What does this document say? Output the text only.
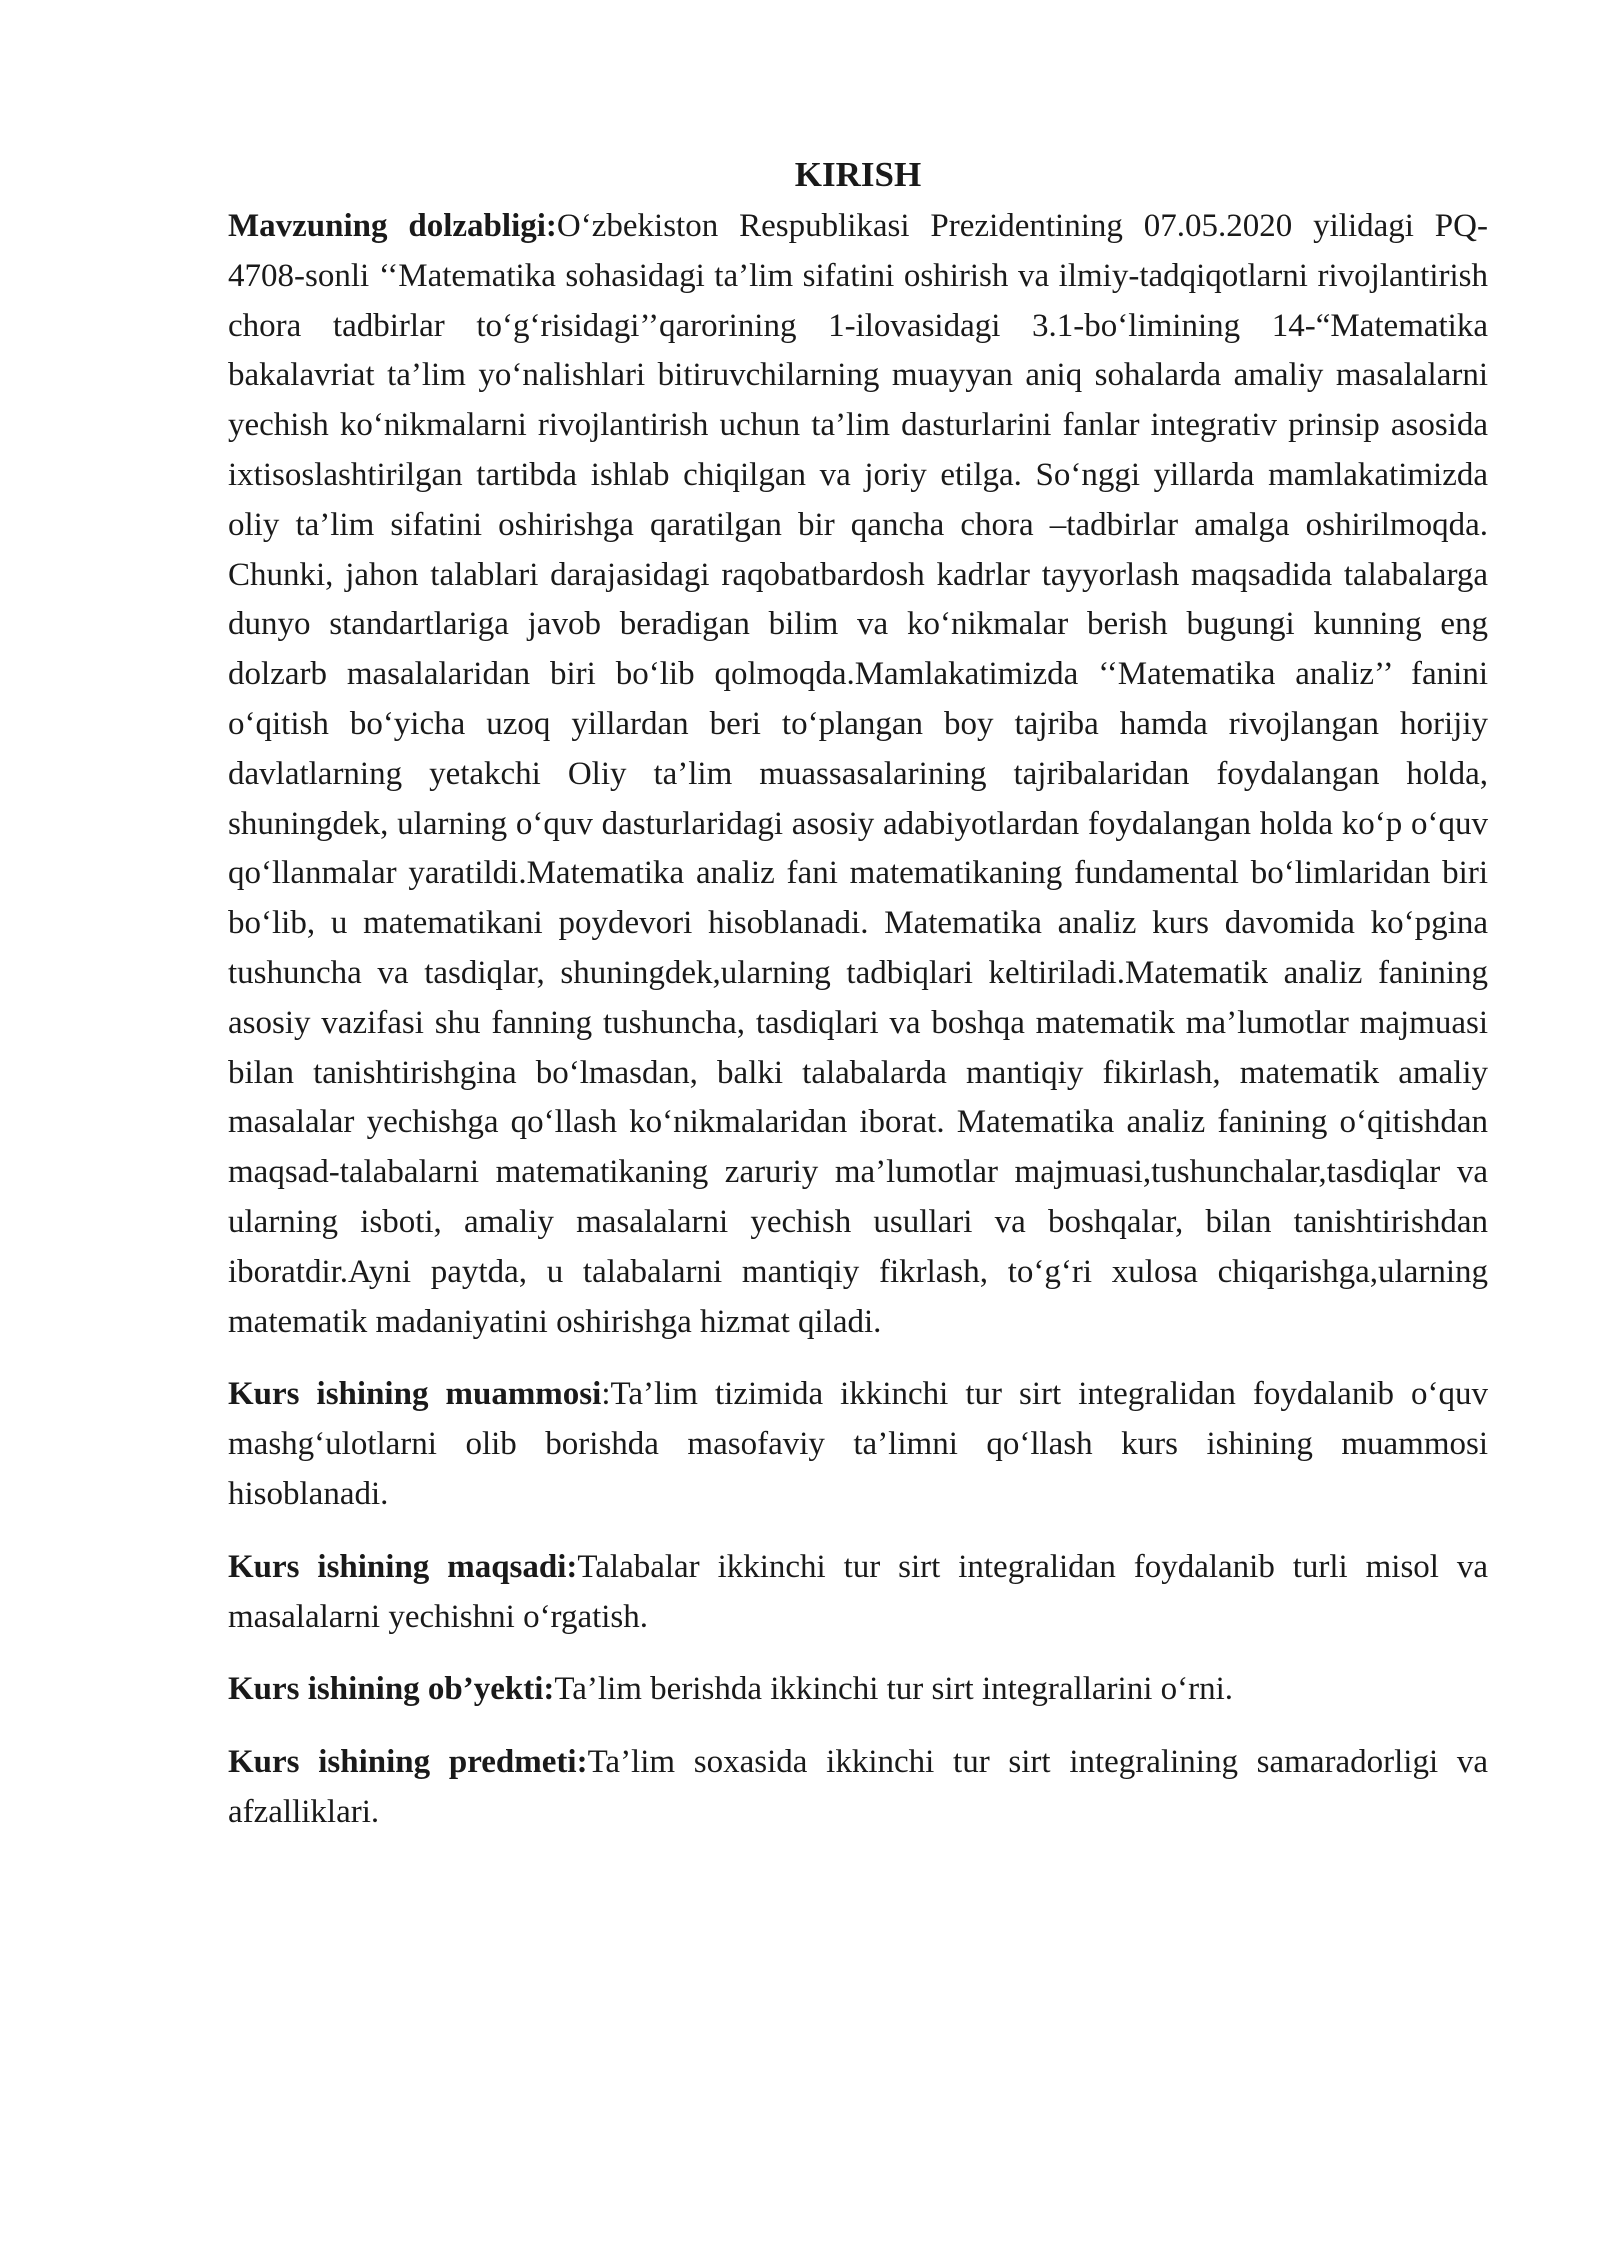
KIRISH

Mavzuning dolzabligi:O‘zbekiston Respublikasi Prezidentining 07.05.2020 yilidagi PQ-4708-sonli ‘‘Matematika sohasidagi ta’lim sifatini oshirish va ilmiy-tadqiqotlarni rivojlantirish chora tadbirlar to‘g‘risidagi’’qarorining 1-ilovasidagi 3.1-bo‘limining 14-“Matematika bakalavriat ta’lim yo‘nalishlari bitiruvchilarning muayyan aniq sohalarda amaliy masalalarni yechish ko‘nikmalarni rivojlantirish uchun ta’lim dasturlarini fanlar integrativ prinsip asosida ixtisoslashtirilgan tartibda ishlab chiqilgan va joriy etilga. So‘nggi yillarda mamlakatimizda oliy ta’lim sifatini oshirishga qaratilgan bir qancha chora –tadbirlar amalga oshirilmoqda. Chunki, jahon talablari darajasidagi raqobatbardosh kadrlar tayyorlash maqsadida talabalarga dunyo standartlariga javob beradigan bilim va ko‘nikmalar berish bugungi kunning eng dolzarb masalalaridan biri bo‘lib qolmoqda.Mamlakatimizda ‘‘Matematika analiz’’ fanini o‘qitish bo‘yicha uzoq yillardan beri to‘plangan boy tajriba hamda rivojlangan horijiy davlatlarning yetakchi Oliy ta’lim muassasalarining tajribalaridan foydalangan holda, shuningdek, ularning o‘quv dasturlaridagi asosiy adabiyotlardan foydalangan holda ko‘p o‘quv qo‘llanmalar yaratildi.Matematika analiz fani matematikaning fundamental bo‘limlaridan biri bo‘lib, u matematikani poydevori hisoblanadi. Matematika analiz kurs davomida ko‘pgina tushuncha va tasdiqlar, shuningdek,ularning tadbiqlari keltiriladi.Matematik analiz fanining asosiy vazifasi shu fanning tushuncha, tasdiqlari va boshqa matematik ma’lumotlar majmuasi bilan tanishtirishgina bo‘lmasdan, balki talabalarda mantiqiy fikirlash, matematik amaliy masalalar yechishga qo‘llash ko‘nikmalaridan iborat. Matematika analiz fanining o‘qitishdan maqsad-talabalarni matematikaning zaruriy ma’lumotlar majmuasi,tushunchalar,tasdiqlar va ularning isboti, amaliy masalalarni yechish usullari va boshqalar, bilan tanishtirishdan iboratdir.Ayni paytda, u talabalarni mantiqiy fikrlash, to‘g‘ri xulosa chiqarishga,ularning matematik madaniyatini oshirishga hizmat qiladi.

Kurs ishining muammosi:Ta’lim tizimida ikkinchi tur sirt integralidan foydalanib o‘quv mashg‘ulotlarni olib borishda masofaviy ta’limni qo‘llash kurs ishining muammosi hisoblanadi.

Kurs ishining maqsadi:Talabalar ikkinchi tur sirt integralidan foydalanib turli misol va masalalarni yechishni o‘rgatish.

Kurs ishining ob’yekti:Ta’lim berishda ikkinchi tur sirt integrallarini o‘rni.

Kurs ishining predmeti:Ta’lim soxasida ikkinchi tur sirt integralining samaradorligi va afzalliklari.
